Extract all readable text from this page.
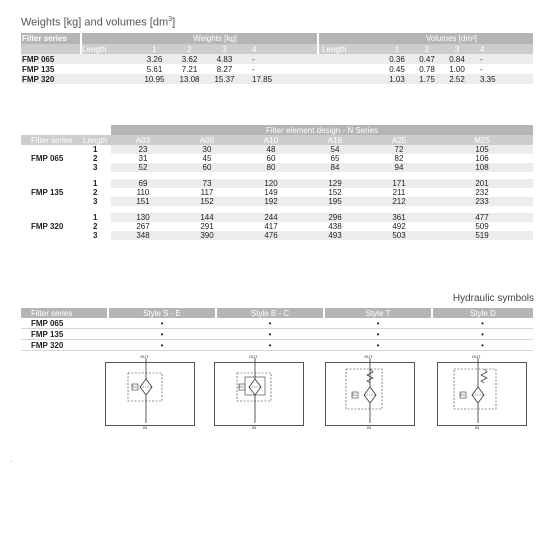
Weights [kg] and volumes $[dm^3]$
Filter series	Weights [kg]					Volumes [dm³]				
	Length	1	2	3	4	Length	1	2	3	4
FMP 065		3.26	3.62	4.83	-		0.36	0.47	0.84	-
FMP 135		5.61	7.21	8.27	-		0.45	0.78	1.00	-
FMP 320		10.95	13.08	15.37	17.85		1.03	1.75	2.52	3.35
		Filter element design - N Series					
Filter series	Length	A03	A06	A10	A16	A25	M25
FMP 065	1	23	30	48	54	72	105
	2	31	45	60	65	82	106
	3	52	60	80	84	94	108

FMP 135	1	69	73	120	129	171	201
	2	110	117	149	152	211	232
	3	151	152	192	195	212	233

FMP 320	1	130	144	244	296	361	477
	2	267	291	417	438	492	509
	3	348	390	476	493	503	519
Hydraulic symbols
Filter series	Style S - E	Style B - C	Style T	Style D
FMP 065	•	•	•	•
FMP 135	•	•	•	•
FMP 320	•	•	•	•
OUT
IN
D.I.
OUT
IN
D.I.
OUT
IN
D.I.
OUT
IN
D.I.
.
